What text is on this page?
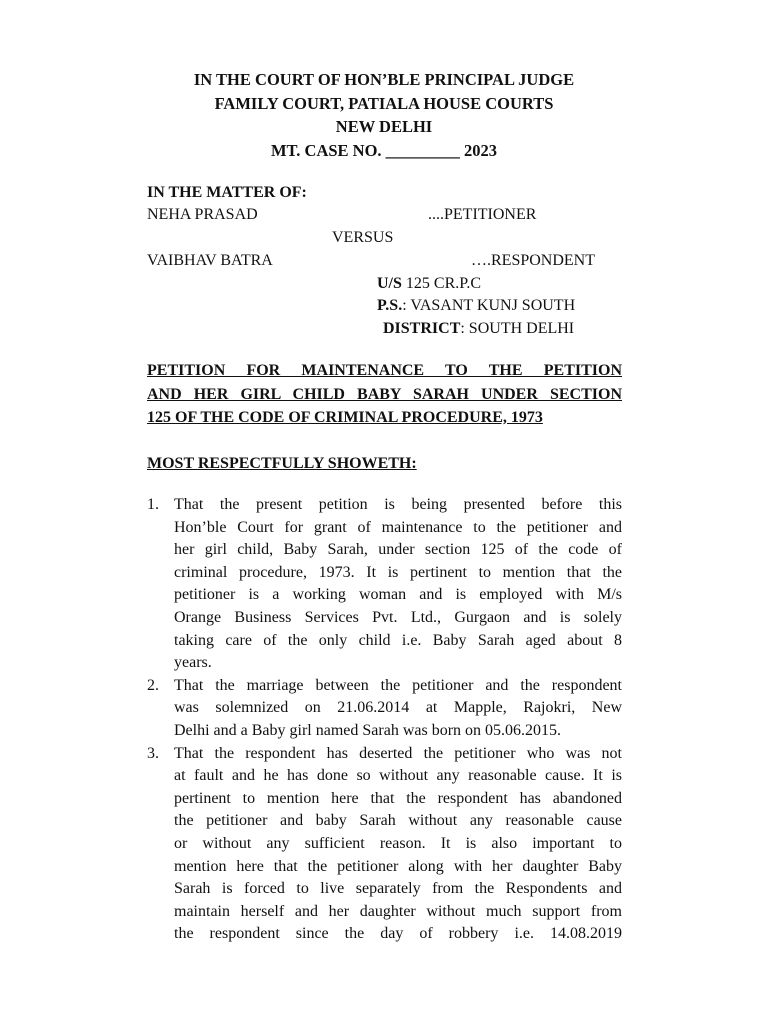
IN THE COURT OF HON’BLE PRINCIPAL JUDGE
FAMILY COURT, PATIALA HOUSE COURTS
NEW DELHI
MT. CASE NO. _________ 2023
IN THE MATTER OF:
NEHA PRASAD	....PETITIONER
VERSUS
VAIBHAV BATRA	….RESPONDENT
U/S 125 CR.P.C
P.S.: VASANT KUNJ SOUTH
DISTRICT: SOUTH DELHI
PETITION FOR MAINTENANCE TO THE PETITION
AND HER GIRL CHILD BABY SARAH UNDER SECTION
125 OF THE CODE OF CRIMINAL PROCEDURE, 1973
MOST RESPECTFULLY SHOWETH:
1. That the present petition is being presented before this
Hon’ble Court for grant of maintenance to the petitioner and
her girl child, Baby Sarah, under section 125 of the code of
criminal procedure, 1973. It is pertinent to mention that the
petitioner is a working woman and is employed with M/s
Orange Business Services Pvt. Ltd., Gurgaon and is solely
taking care of the only child i.e. Baby Sarah aged about 8
years.
2. That the marriage between the petitioner and the respondent
was solemnized on 21.06.2014 at Mapple, Rajokri, New
Delhi and a Baby girl named Sarah was born on 05.06.2015.
3. That the respondent has deserted the petitioner who was not
at fault and he has done so without any reasonable cause. It is
pertinent to mention here that the respondent has abandoned
the petitioner and baby Sarah without any reasonable cause
or without any sufficient reason. It is also important to
mention here that the petitioner along with her daughter Baby
Sarah is forced to live separately from the Respondents and
maintain herself and her daughter without much support from
the respondent since the day of robbery i.e. 14.08.2019
